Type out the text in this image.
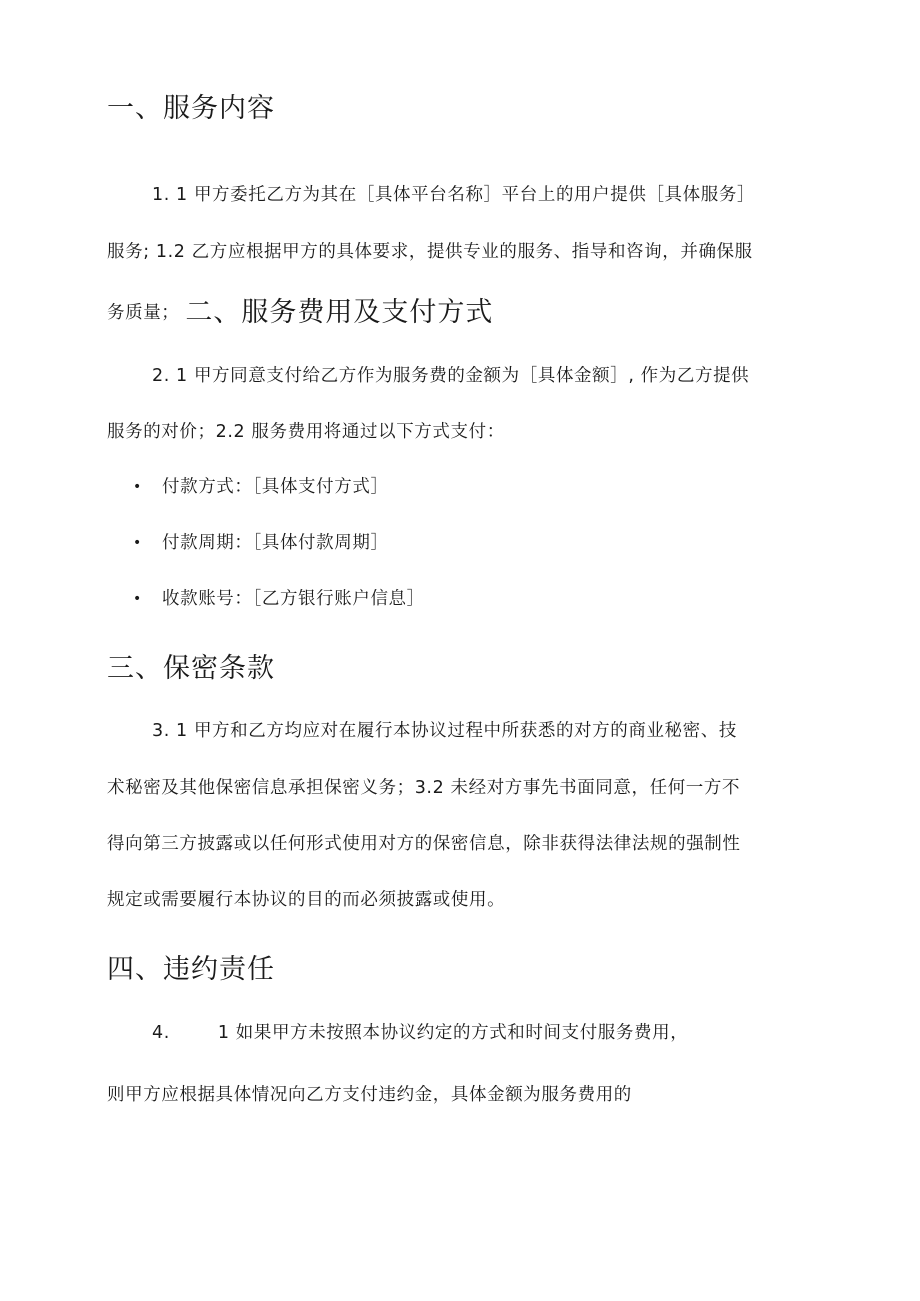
一、服务内容
1. 1 甲方委托乙方为其在［具体平台名称］平台上的用户提供［具体服务］
服务; 1.2 乙方应根据甲方的具体要求，提供专业的服务、指导和咨询，并确保服
务质量； 二、服务费用及支付方式
2. 1 甲方同意支付给乙方作为服务费的金额为［具体金额］, 作为乙方提供
服务的对价；2.2 服务费用将通过以下方式支付：
• 付款方式：［具体支付方式］
• 付款周期：［具体付款周期］
• 收款账号：［乙方银行账户信息］
三、保密条款
3. 1 甲方和乙方均应对在履行本协议过程中所获悉的对方的商业秘密、技
术秘密及其他保密信息承担保密义务；3.2 未经对方事先书面同意，任何一方不
得向第三方披露或以任何形式使用对方的保密信息，除非获得法律法规的强制性
规定或需要履行本协议的目的而必须披露或使用。
四、违约责任
4.	1 如果甲方未按照本协议约定的方式和时间支付服务费用，
则甲方应根据具体情况向乙方支付违约金，具体金额为服务费用的
